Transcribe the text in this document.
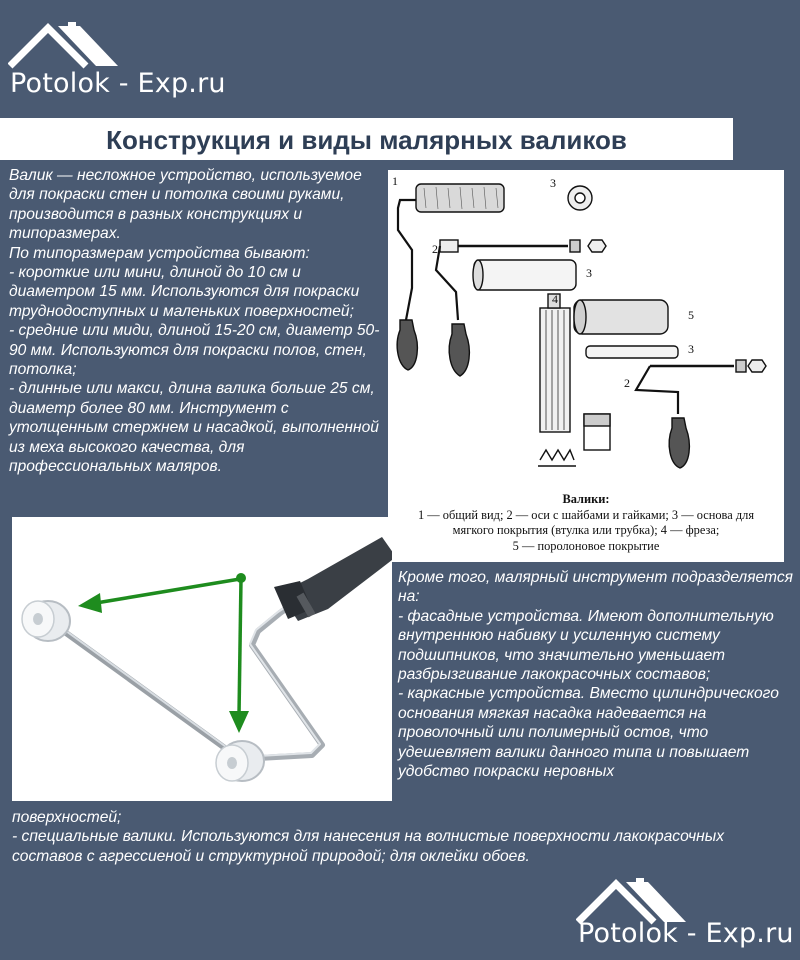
Potolok - Exp.ru
Конструкция и виды малярных валиков

Валик — несложное устройство, используемое для покраски стен и потолка своими руками, производится в разных конструкциях и типоразмерах.

По типоразмерам устройства бывают:

- короткие или мини, длиной до 10 см и диаметром 15 мм. Используются для покраски труднодоступных и маленьких поверхностей;

- средние или миди, длиной 15-20 см, диаметр 50-90 мм. Используются для покраски полов, стен, потолка;

- длинные или макси, длина валика больше 25 см, диаметр более 80 мм. Инструмент с утолщенным стержнем и насадкой, выполненной из меха высокого качества, для профессиональных маляров.

1
2
3
3
4
5
3
2
Валики:
1 — общий вид; 2 — оси с шайбами и гайками; 3 — основа для
мягкого покрытия (втулка или трубка); 4 — фреза;
5 — поролоновое покрытие

Кроме того, малярный инструмент подразделяется на:

- фасадные устройства. Имеют дополнительную внутреннюю набивку и усиленную систему подшипников, что значительно уменьшает разбрызгивание лакокрасочных составов;

- каркасные устройства. Вместо цилиндрического основания мягкая насадка надевается на проволочный или полимерный остов, что удешевляет валики данного типа и повышает удобство покраски неровных

поверхностей;

- специальные валики. Используются для нанесения на волнистые поверхности лакокрасочных составов с агрессиеной и структурной природой; для оклейки обоев.

Potolok - Exp.ru
